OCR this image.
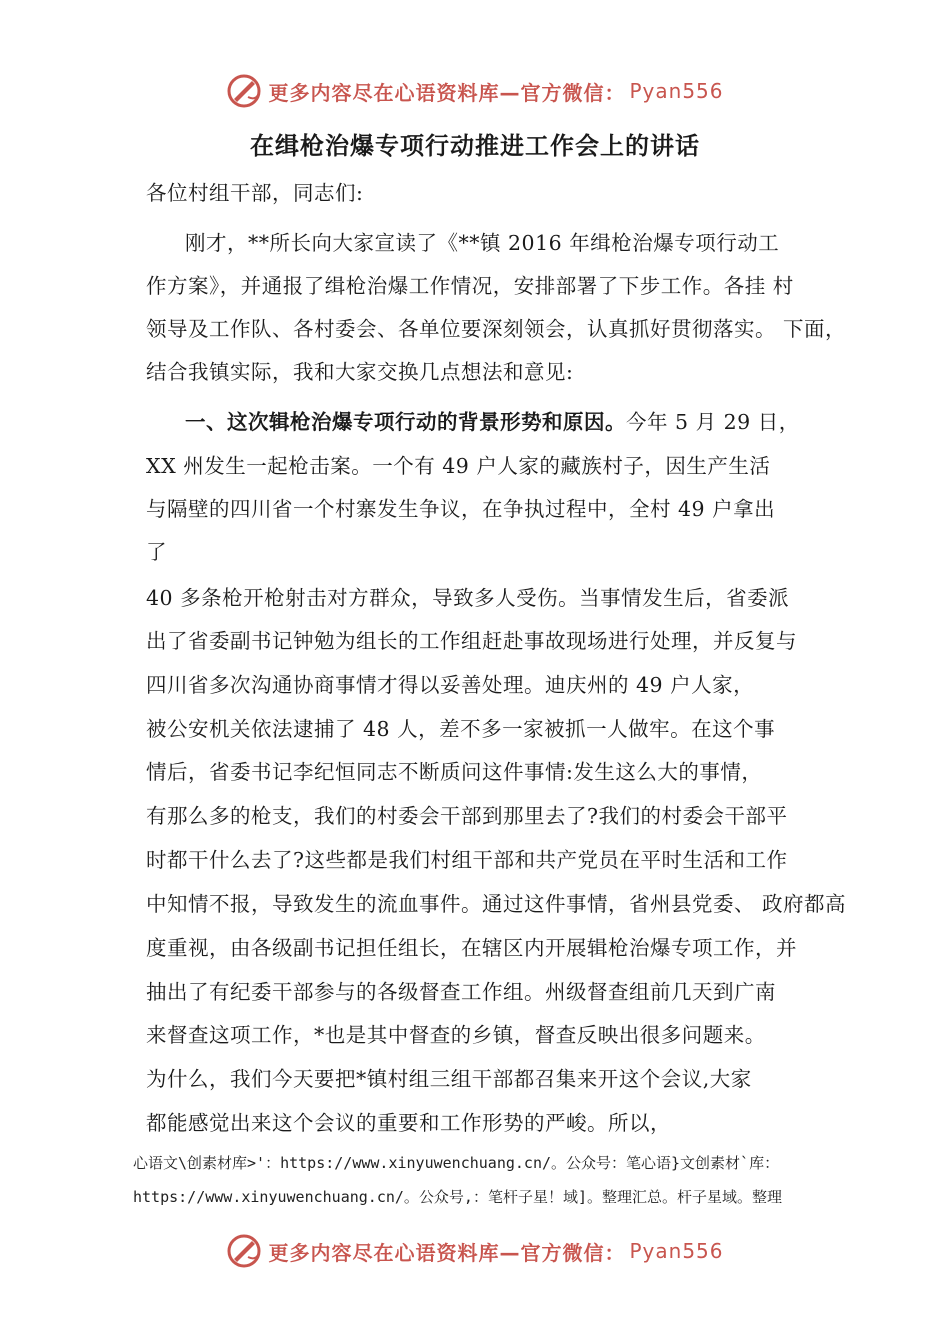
更多内容尽在心语资料库—官方微信： Pyan556
在缉枪治爆专项行动推进工作会上的讲话
各位村组干部，同志们:
刚才，**所长向大家宣读了《**镇 2016 年缉枪治爆专项行动工
作方案》，并通报了缉枪治爆工作情况，安排部署了下步工作。各挂 村
领导及工作队、各村委会、各单位要深刻领会，认真抓好贯彻落实。 下面，
结合我镇实际，我和大家交换几点想法和意见:
一、这次辑枪治爆专项行动的背景形势和原因。今年 5 月 29 日，
XX 州发生一起枪击案。一个有 49 户人家的藏族村子，因生产生活
与隔壁的四川省一个村寨发生争议，在争执过程中，全村 49 户拿出
了
40 多条枪开枪射击对方群众，导致多人受伤。当事情发生后，省委派
出了省委副书记钟勉为组长的工作组赶赴事故现场进行处理，并反复与
四川省多次沟通协商事情才得以妥善处理。迪庆州的 49 户人家，
被公安机关依法逮捕了 48 人，差不多一家被抓一人做牢。在这个事
情后，省委书记李纪恒同志不断质问这件事情:发生这么大的事情，
有那么多的枪支，我们的村委会干部到那里去了?我们的村委会干部平
时都干什么去了?这些都是我们村组干部和共产党员在平时生活和工作
中知情不报，导致发生的流血事件。通过这件事情，省州县党委、 政府都高
度重视，由各级副书记担任组长，在辖区内开展辑枪治爆专项工作，并
抽出了有纪委干部参与的各级督查工作组。州级督查组前几天到广南
来督查这项工作，*也是其中督查的乡镇，督查反映出很多问题来。
为什么，我们今天要把*镇村组三组干部都召集来开这个会议,大家
都能感觉出来这个会议的重要和工作形势的严峻。所以，
心语文\创素材库>'：https://www.xinyuwenchuang.cn/。公众号：笔心语}文创素材`库：
https://www.xinyuwenchuang.cn/。公众号,：笔杆子星！域]。整理汇总。杆子星域。整理
更多内容尽在心语资料库—官方微信： Pyan556
